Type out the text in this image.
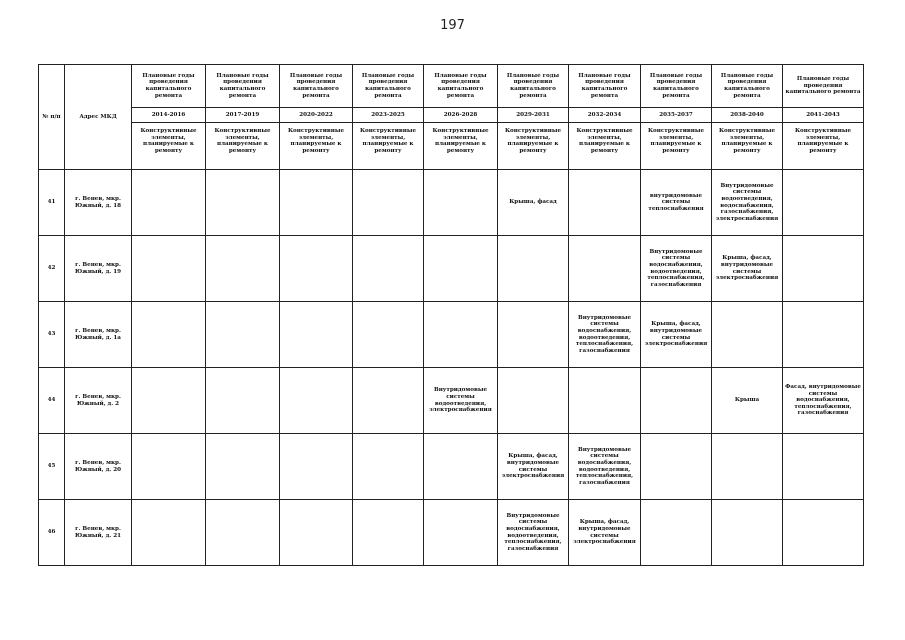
197
№ п/п	Адрес МКД	Плановые годы проведения капитального ремонта	Плановые годы проведения капитального ремонта	Плановые годы проведения капитального ремонта	Плановые годы проведения капитального ремонта	Плановые годы проведения капитального ремонта	Плановые годы проведения капитального ремонта	Плановые годы проведения капитального ремонта	Плановые годы проведения капитального ремонта	Плановые годы проведения капитального ремонта	Плановые годы проведения капитального ремонта
		2014-2016	2017-2019	2020-2022	2023-2025	2026-2028	2029-2031	2032-2034	2035-2037	2038-2040	2041-2043

		Конструктивные элементы, планируемые к ремонту	Конструктивные элементы, планируемые к ремонту	Конструктивные элементы, планируемые к ремонту	Конструктивные элементы, планируемые к ремонту	Конструктивные элементы, планируемые к ремонту	Конструктивные элементы, планируемые к ремонту	Конструктивные элементы, планируемые к ремонту	Конструктивные элементы, планируемые к ремонту	Конструктивные элементы, планируемые к ремонту	Конструктивные элементы, планируемые к ремонту

41	г. Венев, мкр. Южный, д. 18						Крыша, фасад		внутридомовые системы теплоснабжения	Внутридомовые системы водоотведения, водоснабжения, газоснабжения, электроснабжения	
42	г. Венев, мкр. Южный, д. 19								Внутридомовые системы водоснабжения, водоотведения, теплоснабжения, газоснабжения	Крыша, фасад, внутридомовые системы электроснабжения	
43	г. Венев, мкр. Южный, д. 1а							Внутридомовые системы водоснабжения, водоотведения, теплоснабжения, газоснабжения	Крыша, фасад, внутридомовые системы электроснабжения		
44	г. Венев, мкр. Южный, д. 2					Внутридомовые системы водоотведения, электроснабжения				Крыша	Фасад, внутридомовые системы водоснабжения, теплоснабжения, газоснабжения
45	г. Венев, мкр. Южный, д. 20						Крыша, фасад, внутридомовые системы электроснабжения	Внутридомовые системы водоснабжения, водоотведения, теплоснабжения, газоснабжения			
46	г. Венев, мкр. Южный, д. 21						Внутридомовые системы водоснабжения, водоотведения, теплоснабжения, газоснабжения	Крыша, фасад, внутридомовые системы электроснабжения			
